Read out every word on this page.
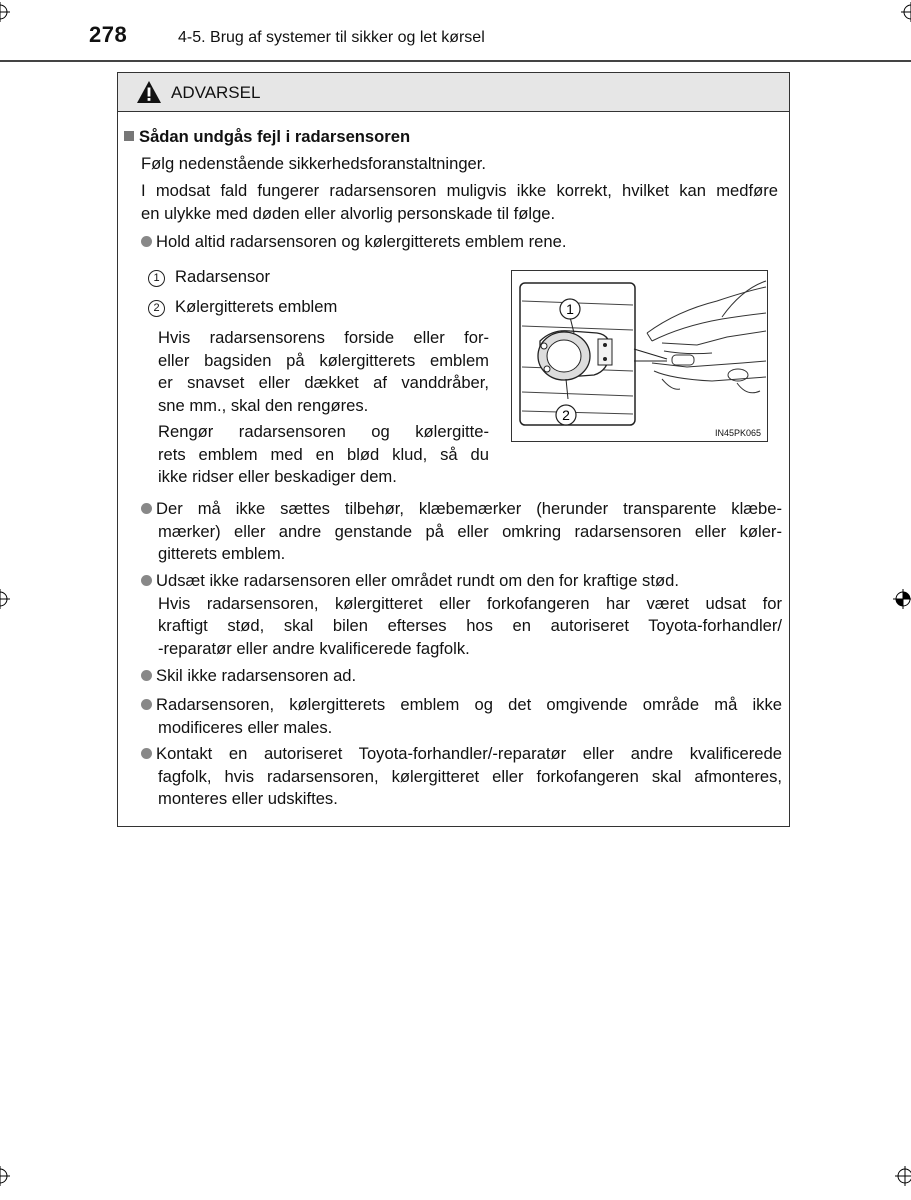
278	4-5. Brug af systemer til sikker og let kørsel
ADVARSEL
Sådan undgås fejl i radarsensoren
Følg nedenstående sikkerhedsforanstaltninger.
I modsat fald fungerer radarsensoren muligvis ikke korrekt, hvilket kan medføre
en ulykke med døden eller alvorlig personskade til følge.
Hold altid radarsensoren og kølergitterets emblem rene.
1 Radarsensor
2 Kølergitterets emblem
Hvis radarsensorens forside eller for-
eller bagsiden på kølergitterets emblem
er snavset eller dækket af vanddråber,
sne mm., skal den rengøres.
Rengør radarsensoren og kølergitte-
rets emblem med en blød klud, så du
ikke ridser eller beskadiger dem.
1
2
IN45PK065
Der må ikke sættes tilbehør, klæbemærker (herunder transparente klæbe-
mærker) eller andre genstande på eller omkring radarsensoren eller køler-
gitterets emblem.
Udsæt ikke radarsensoren eller området rundt om den for kraftige stød.
Hvis radarsensoren, kølergitteret eller forkofangeren har været udsat for
kraftigt stød, skal bilen efterses hos en autoriseret Toyota-forhandler/
-reparatør eller andre kvalificerede fagfolk.
Skil ikke radarsensoren ad.
Radarsensoren, kølergitterets emblem og det omgivende område må ikke
modificeres eller males.
Kontakt en autoriseret Toyota-forhandler/-reparatør eller andre kvalificerede
fagfolk, hvis radarsensoren, kølergitteret eller forkofangeren skal afmonteres,
monteres eller udskiftes.
